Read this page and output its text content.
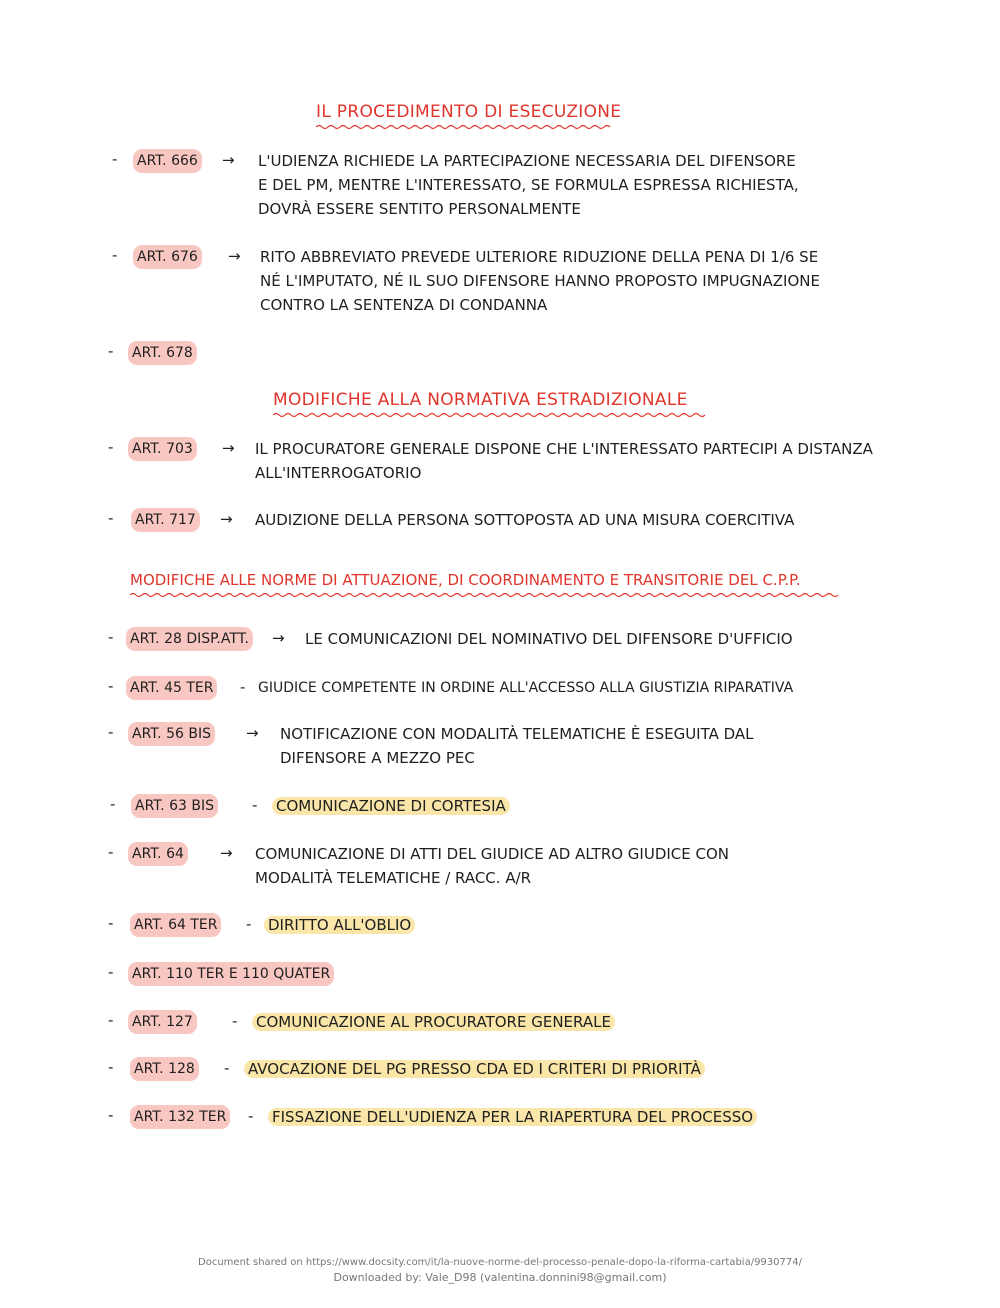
IL PROCEDIMENTO DI ESECUZIONE
MODIFICHE ALLA NORMATIVA ESTRADIZIONALE
MODIFICHE ALLE NORME DI ATTUAZIONE, DI COORDINAMENTO E TRANSITORIE DEL C.P.P.
- ART. 666 → L'UDIENZA RICHIEDE LA PARTECIPAZIONE NECESSARIA DEL DIFENSORE
E DEL PM, MENTRE L'INTERESSATO, SE FORMULA ESPRESSA RICHIESTA,
DOVRÀ ESSERE SENTITO PERSONALMENTE
- ART. 676 → RITO ABBREVIATO PREVEDE ULTERIORE RIDUZIONE DELLA PENA DI 1/6 SE
NÉ L'IMPUTATO, NÉ IL SUO DIFENSORE HANNO PROPOSTO IMPUGNAZIONE
CONTRO LA SENTENZA DI CONDANNA
- ART. 678
- ART. 703 → IL PROCURATORE GENERALE DISPONE CHE L'INTERESSATO PARTECIPI A DISTANZA
ALL'INTERROGATORIO
- ART. 717 → AUDIZIONE DELLA PERSONA SOTTOPOSTA AD UNA MISURA COERCITIVA
- ART. 28 DISP.ATT. → LE COMUNICAZIONI DEL NOMINATIVO DEL DIFENSORE D'UFFICIO
- ART. 45 TER - GIUDICE COMPETENTE IN ORDINE ALL'ACCESSO ALLA GIUSTIZIA RIPARATIVA
- ART. 56 BIS → NOTIFICAZIONE CON MODALITÀ TELEMATICHE È ESEGUITA DAL
DIFENSORE A MEZZO PEC
- ART. 63 BIS	- COMUNICAZIONE DI CORTESIA
- ART. 64 → COMUNICAZIONE DI ATTI DEL GIUDICE AD ALTRO GIUDICE CON
MODALITÀ TELEMATICHE / RACC. A/R
- ART. 64 TER - DIRITTO ALL'OBLIO
- ART. 110 TER E 110 QUATER
- ART. 127	- COMUNICAZIONE AL PROCURATORE GENERALE
- ART. 128 - AVOCAZIONE DEL PG PRESSO CDA ED I CRITERI DI PRIORITÀ
- ART. 132 TER - FISSAZIONE DELL'UDIENZA PER LA RIAPERTURA DEL PROCESSO
Document shared on https://www.docsity.com/it/la-nuove-norme-del-processo-penale-dopo-la-riforma-cartabia/9930774/
Downloaded by: Vale_D98 (valentina.donnini98@gmail.com)
